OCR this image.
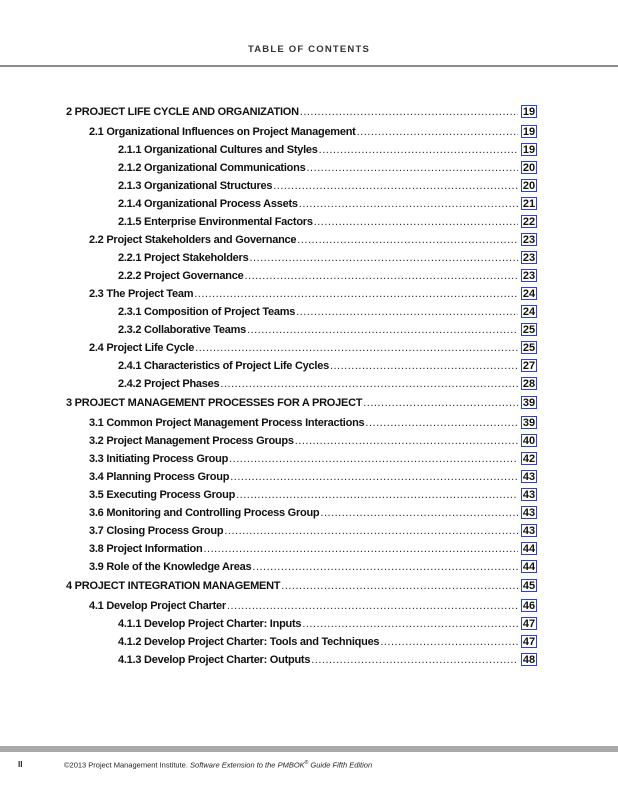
TABLE OF CONTENTS
2 PROJECT LIFE CYCLE AND ORGANIZATION .....	19
2.1 Organizational Influences on Project Management .....	19
2.1.1 Organizational Cultures and Styles .....	19
2.1.2 Organizational Communications .....	20
2.1.3 Organizational Structures .....	20
2.1.4 Organizational Process Assets .....	21
2.1.5 Enterprise Environmental Factors .....	22
2.2 Project Stakeholders and Governance .....	23
2.2.1 Project Stakeholders .....	23
2.2.2 Project Governance .....	23
2.3 The Project Team .....	24
2.3.1 Composition of Project Teams .....	24
2.3.2 Collaborative Teams .....	25
2.4 Project Life Cycle .....	25
2.4.1 Characteristics of Project Life Cycles .....	27
2.4.2 Project Phases .....	28
3 PROJECT MANAGEMENT PROCESSES FOR A PROJECT .....	39
3.1 Common Project Management Process Interactions .....	39
3.2 Project Management Process Groups .....	40
3.3 Initiating Process Group .....	42
3.4 Planning Process Group .....	43
3.5 Executing Process Group .....	43
3.6 Monitoring and Controlling Process Group .....	43
3.7 Closing Process Group .....	43
3.8 Project Information .....	44
3.9 Role of the Knowledge Areas .....	44
4 PROJECT INTEGRATION MANAGEMENT .....	45
4.1 Develop Project Charter .....	46
4.1.1 Develop Project Charter: Inputs .....	47
4.1.2 Develop Project Charter: Tools and Techniques .....	47
4.1.3 Develop Project Charter: Outputs .....	48
II	©2013 Project Management Institute. Software Extension to the PMBOK® Guide Fifth Edition
